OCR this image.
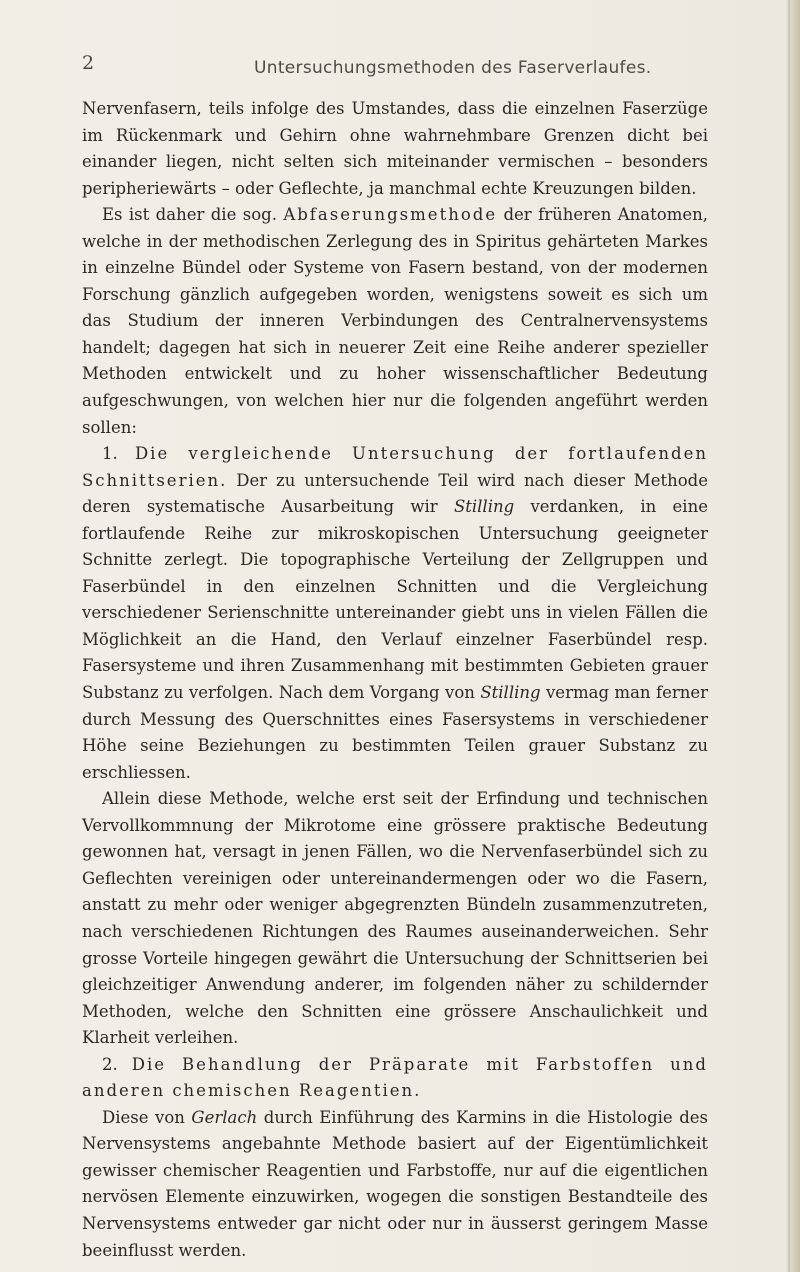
2	Untersuchungsmethoden des Faserverlaufes.

Nervenfasern, teils infolge des Umstandes, dass die einzelnen Faserzüge im Rückenmark und Gehirn ohne wahrnehmbare Grenzen dicht bei einander liegen, nicht selten sich miteinander vermischen – besonders peripheriewärts – oder Geflechte, ja manchmal echte Kreuzungen bilden.

Es ist daher die sog. Abfaserungsmethode der früheren Anatomen, welche in der methodischen Zerlegung des in Spiritus gehärteten Markes in einzelne Bündel oder Systeme von Fasern bestand, von der modernen Forschung gänzlich aufgegeben worden, wenigstens soweit es sich um das Studium der inneren Verbindungen des Centralnervensystems handelt; dagegen hat sich in neuerer Zeit eine Reihe anderer spezieller Methoden entwickelt und zu hoher wissenschaftlicher Bedeutung aufgeschwungen, von welchen hier nur die folgenden angeführt werden sollen:

1. Die vergleichende Untersuchung der fortlaufenden Schnittserien. Der zu untersuchende Teil wird nach dieser Methode deren systematische Ausarbeitung wir Stilling verdanken, in eine fortlaufende Reihe zur mikroskopischen Untersuchung geeigneter Schnitte zerlegt. Die topographische Verteilung der Zellgruppen und Faserbündel in den einzelnen Schnitten und die Vergleichung verschiedener Serienschnitte untereinander giebt uns in vielen Fällen die Möglichkeit an die Hand, den Verlauf einzelner Faserbündel resp. Fasersysteme und ihren Zusammenhang mit bestimmten Gebieten grauer Substanz zu verfolgen. Nach dem Vorgang von Stilling vermag man ferner durch Messung des Querschnittes eines Fasersystems in verschiedener Höhe seine Beziehungen zu bestimmten Teilen grauer Substanz zu erschliessen.

Allein diese Methode, welche erst seit der Erfindung und technischen Vervollkommnung der Mikrotome eine grössere praktische Bedeutung gewonnen hat, versagt in jenen Fällen, wo die Nervenfaserbündel sich zu Geflechten vereinigen oder untereinandermengen oder wo die Fasern, anstatt zu mehr oder weniger abgegrenzten Bündeln zusammenzutreten, nach verschiedenen Richtungen des Raumes auseinanderweichen. Sehr grosse Vorteile hingegen gewährt die Untersuchung der Schnittserien bei gleichzeitiger Anwendung anderer, im folgenden näher zu schildernder Methoden, welche den Schnitten eine grössere Anschaulichkeit und Klarheit verleihen.

2. Die Behandlung der Präparate mit Farbstoffen und anderen chemischen Reagentien.

Diese von Gerlach durch Einführung des Karmins in die Histologie des Nervensystems angebahnte Methode basiert auf der Eigentümlichkeit gewisser chemischer Reagentien und Farbstoffe, nur auf die eigentlichen nervösen Elemente einzuwirken, wogegen die sonstigen Bestandteile des Nervensystems entweder gar nicht oder nur in äusserst geringem Masse beeinflusst werden.
